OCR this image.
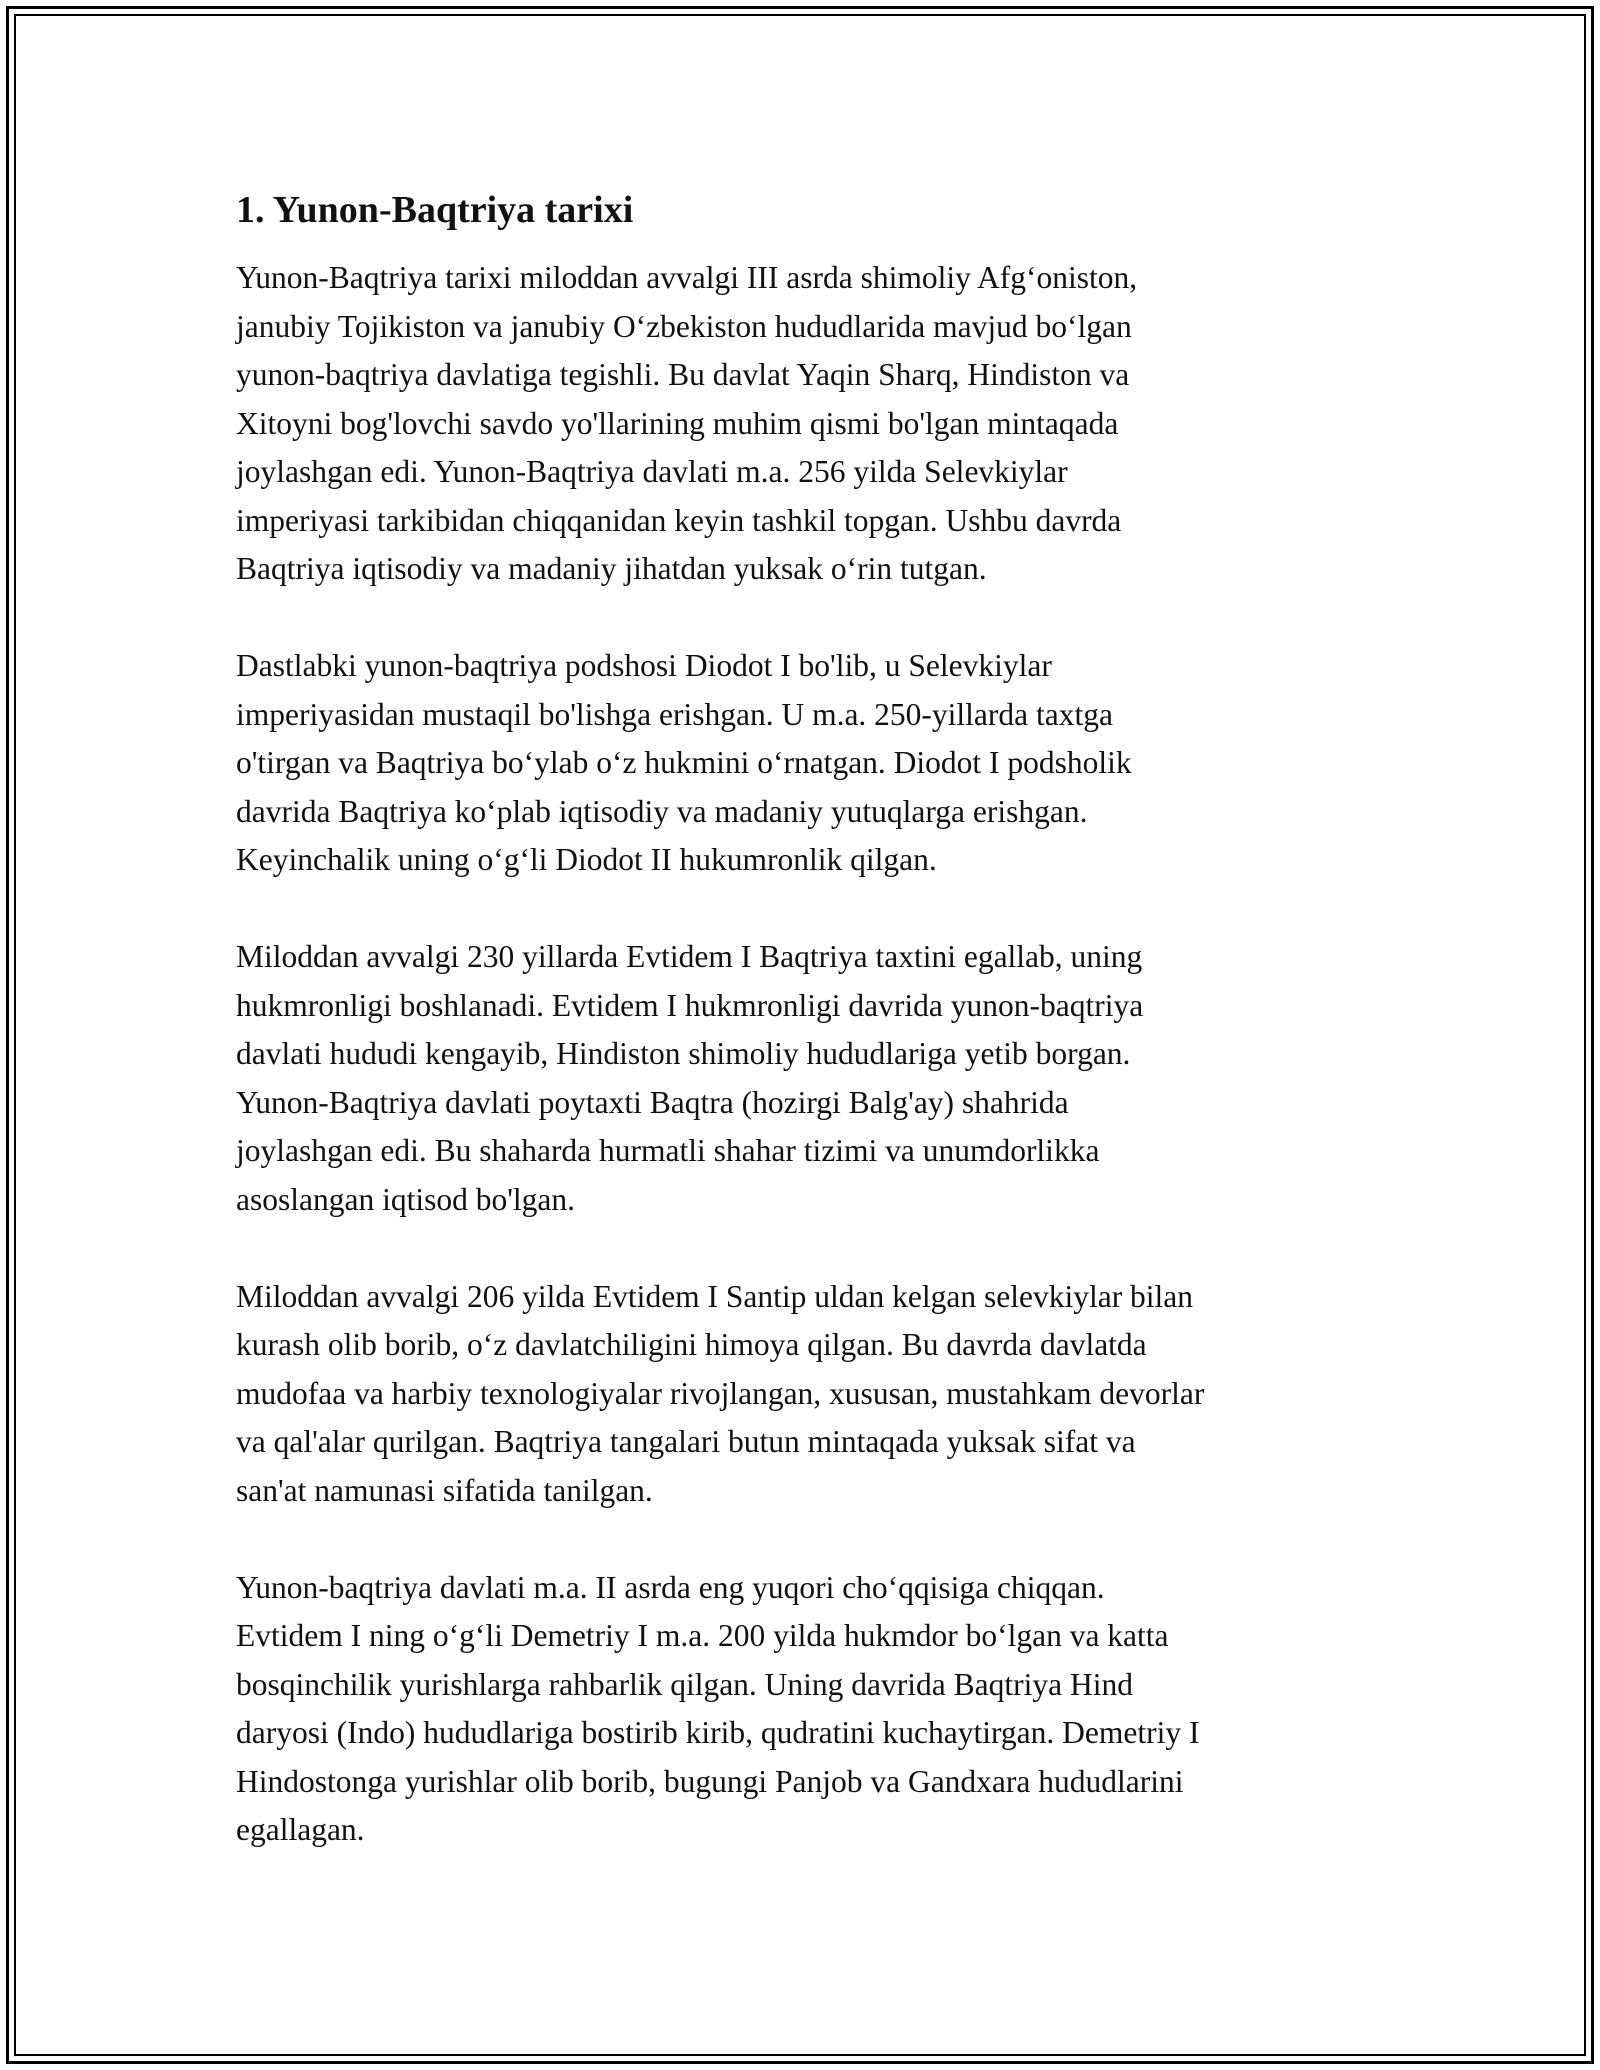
1. Yunon-Baqtriya tarixi

Yunon-Baqtriya tarixi miloddan avvalgi III asrda shimoliy Afgʻoniston,
janubiy Tojikiston va janubiy Oʻzbekiston hududlarida mavjud boʻlgan
yunon-baqtriya davlatiga tegishli. Bu davlat Yaqin Sharq, Hindiston va
Xitoyni bog'lovchi savdo yo'llarining muhim qismi bo'lgan mintaqada
joylashgan edi. Yunon-Baqtriya davlati m.a. 256 yilda Selevkiylar
imperiyasi tarkibidan chiqqanidan keyin tashkil topgan. Ushbu davrda
Baqtriya iqtisodiy va madaniy jihatdan yuksak oʻrin tutgan.

Dastlabki yunon-baqtriya podshosi Diodot I bo'lib, u Selevkiylar
imperiyasidan mustaqil bo'lishga erishgan. U m.a. 250-yillarda taxtga
o'tirgan va Baqtriya boʻylab oʻz hukmini oʻrnatgan. Diodot I podsholik
davrida Baqtriya koʻplab iqtisodiy va madaniy yutuqlarga erishgan.
Keyinchalik uning oʻgʻli Diodot II hukumronlik qilgan.

Miloddan avvalgi 230 yillarda Evtidem I Baqtriya taxtini egallab, uning
hukmronligi boshlanadi. Evtidem I hukmronligi davrida yunon-baqtriya
davlati hududi kengayib, Hindiston shimoliy hududlariga yetib borgan.
Yunon-Baqtriya davlati poytaxti Baqtra (hozirgi Balg'ay) shahrida
joylashgan edi. Bu shaharda hurmatli shahar tizimi va unumdorlikka
asoslangan iqtisod bo'lgan.

Miloddan avvalgi 206 yilda Evtidem I Santip uldan kelgan selevkiylar bilan
kurash olib borib, oʻz davlatchiligini himoya qilgan. Bu davrda davlatda
mudofaa va harbiy texnologiyalar rivojlangan, xususan, mustahkam devorlar
va qal'alar qurilgan. Baqtriya tangalari butun mintaqada yuksak sifat va
san'at namunasi sifatida tanilgan.

Yunon-baqtriya davlati m.a. II asrda eng yuqori choʻqqisiga chiqqan.
Evtidem I ning oʻgʻli Demetriy I m.a. 200 yilda hukmdor boʻlgan va katta
bosqinchilik yurishlarga rahbarlik qilgan. Uning davrida Baqtriya Hind
daryosi (Indo) hududlariga bostirib kirib, qudratini kuchaytirgan. Demetriy I
Hindostonga yurishlar olib borib, bugungi Panjob va Gandxara hududlarini
egallagan.
